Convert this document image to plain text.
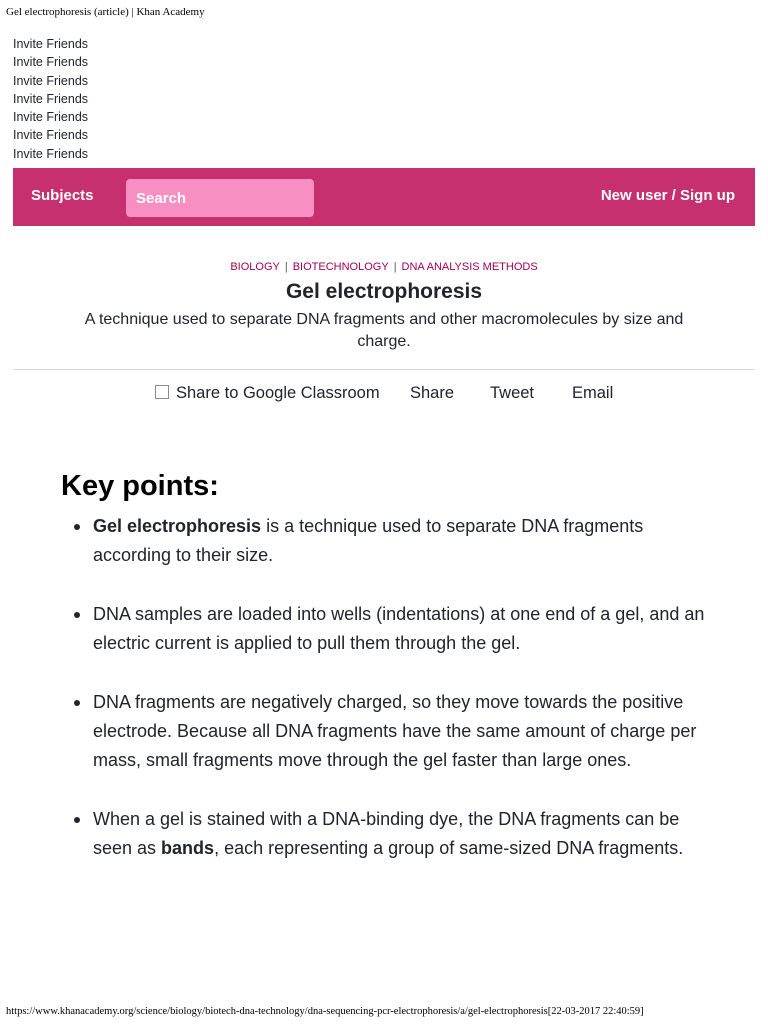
Gel electrophoresis (article) | Khan Academy
Invite Friends
Invite Friends
Invite Friends
Invite Friends
Invite Friends
Invite Friends
Invite Friends
Subjects
Search	New user / Sign up
BIOLOGY | BIOTECHNOLOGY | DNA ANALYSIS METHODS
Gel electrophoresis
A technique used to separate DNA fragments and other macromolecules by size and charge.
Share to Google Classroom Share Tweet Email
Key points:
Gel electrophoresis is a technique used to separate DNA fragments according to their size.
DNA samples are loaded into wells (indentations) at one end of a gel, and an electric current is applied to pull them through the gel.
DNA fragments are negatively charged, so they move towards the positive electrode. Because all DNA fragments have the same amount of charge per mass, small fragments move through the gel faster than large ones.
When a gel is stained with a DNA-binding dye, the DNA fragments can be seen as bands, each representing a group of same-sized DNA fragments.
https://www.khanacademy.org/science/biology/biotech-dna-technology/dna-sequencing-pcr-electrophoresis/a/gel-electrophoresis[22-03-2017 22:40:59]
